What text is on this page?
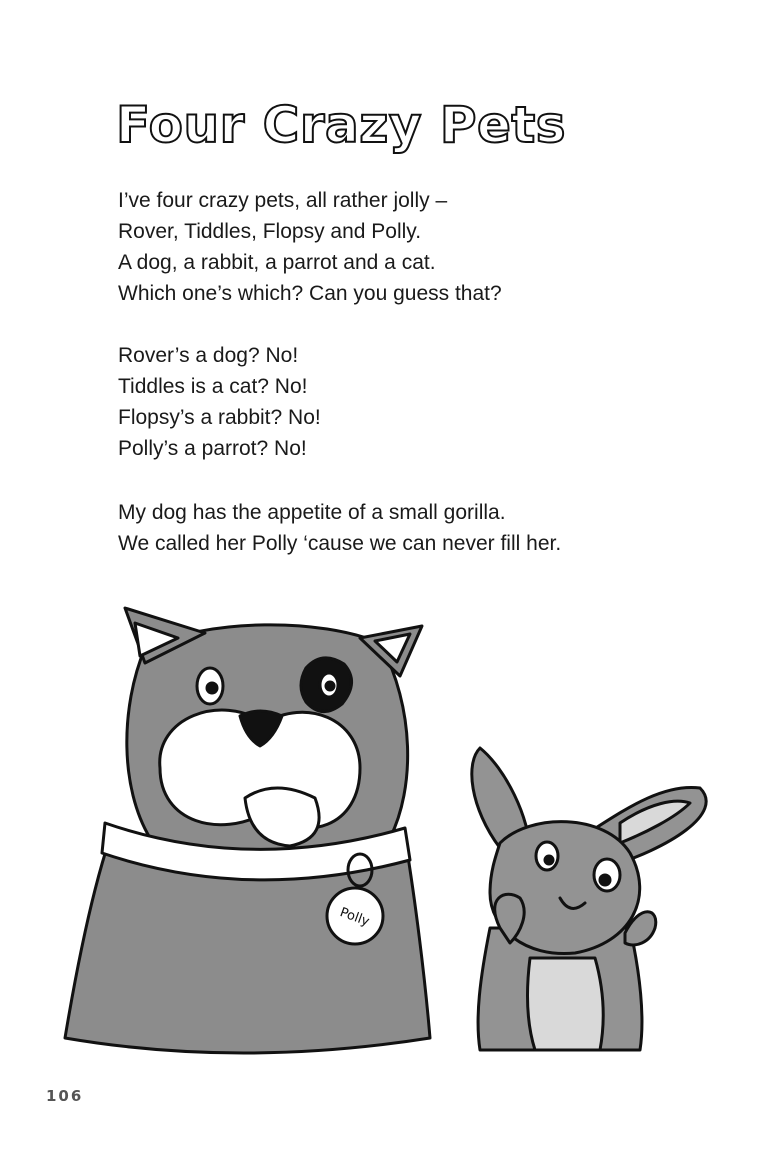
Four Crazy Pets
I’ve four crazy pets, all rather jolly –
Rover, Tiddles, Flopsy and Polly.
A dog, a rabbit, a parrot and a cat.
Which one’s which? Can you guess that?
Rover’s a dog? No!
Tiddles is a cat? No!
Flopsy’s a rabbit? No!
Polly’s a parrot? No!
My dog has the appetite of a small gorilla.
We called her Polly ‘cause we can never fill her.
Polly
106
